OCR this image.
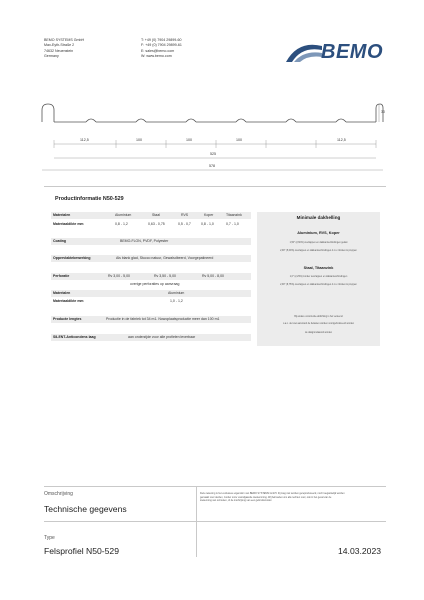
BEMO SYSTEMS GmbH
Max-Eyth-Straße 2
74632 Neuenstein
Germany
T: +49 (0) 7904 29899-60
F: +49 (0) 7904 29899-61
E: sales@bemo.com
W: www.bemo.com	BEMO
30
112,5	100	100	100	112,5
525
578
Productinformatie N50-529
Materialen	Aluminium	Staal	RVS	Koper	Titaanzink
Materiaaldikte mm	0,8 - 1,2	0,63 - 0,75	0,5 - 0,7	0,8 - 1,0	0,7 - 1,0
Coating	BEMO-FLON, PVDF, Polyester
Oppervlaktebewerking	Als blank glad, Stucco natuur, Gewalsdbeerd, Voorgepatineerd
Perforatie	Rv 3,00 - 5,00	Rv 3,50 - 5,00	Rv 5,00 - 8,00
overige perforaties op aanvraag
Materialen	Aluminium
Materiaaldikte mm	1,0 - 1,2
Producte lengtes	Productie in de fabriek tot 34 m1. Nowoplaatsproductie meer dan 100 m1
SILENT-Anticondens laag	aan onderzijde voor alle profielen leverbaar
Minimale dakhelling
Aluminium, RVS, Koper
1,50° (2,60%) overlappen en dakkantverbindingen gelast
2,90° (5,00%) overlappen en dakkantverbindingen d.m.v. klinken & pruppen
Staal, Titaanzink
1,0° (2,29%) zonder overlappen en dakkantverbindingen
2,90° (8,75%) overlappen en dakkantverbindingen d.m.v. klinken & pruppen
Bij andere constructie-afdichting is het verleend
o.a.n. der wet aanvrand de belasten worden voortgebrokreerd worden
de dakgrondaanstl worden
Omschrijving
Technische gegevens
Deze tekening is het exclusieve eigendom van BEMO SYSTEMS GmbH. Zij mag niet worden gereproduceerd, noch toegankelijk worden
gemaakt voor derden, zonder onze voorafgaande toestemming. Wij behouden ons alle rechten voor, ook in het geval van de
toekenning van octrooien, of de inschrijving van een gebruiksmodel.
Type
Felsprofiel N50-529	14.03.2023
